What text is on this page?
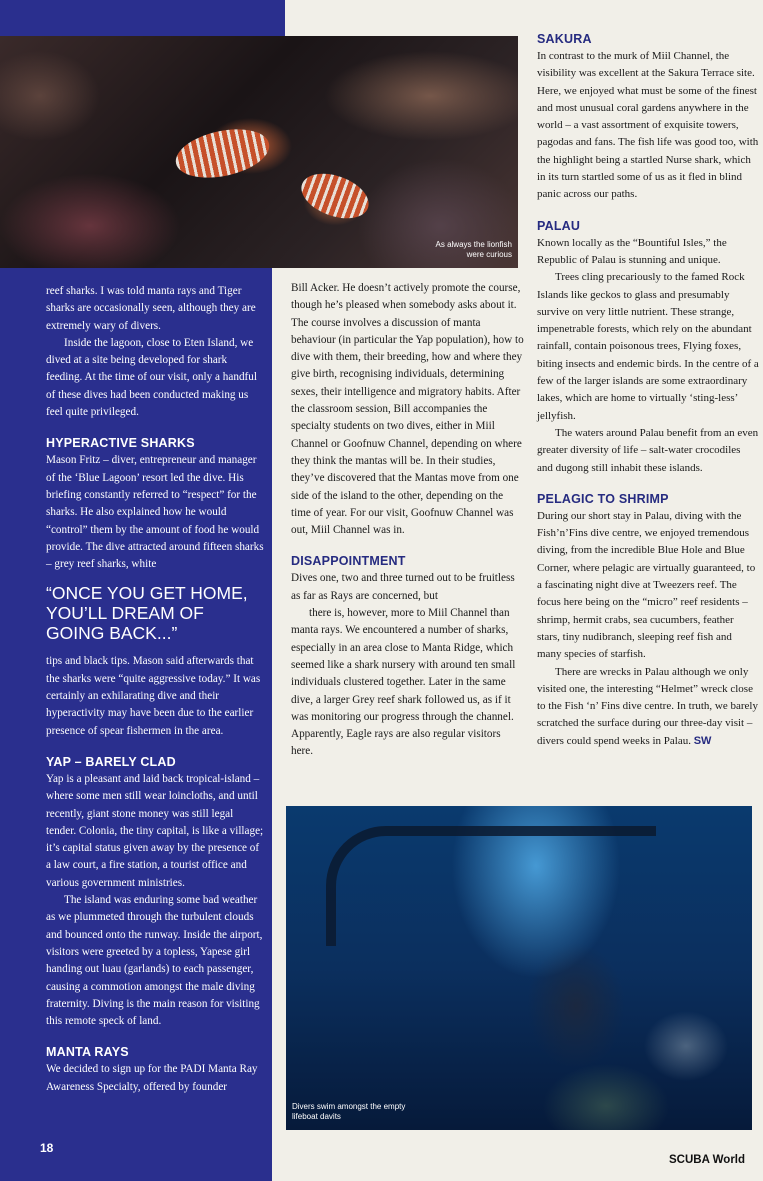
As always the lionfish were curious

reef sharks. I was told manta rays and Tiger sharks are occasionally seen, although they are extremely wary of divers.

Inside the lagoon, close to Eten Island, we dived at a site being developed for shark feeding. At the time of our visit, only a handful of these dives had been conducted making us feel quite privileged.

HYPERACTIVE SHARKS

Mason Fritz – diver, entrepreneur and manager of the ‘Blue Lagoon’ resort led the dive. His briefing constantly referred to “respect” for the sharks. He also explained how he would “control” them by the amount of food he would provide. The dive attracted around fifteen sharks – grey reef sharks, white

“ONCE YOU GET HOME, YOU’LL DREAM OF GOING BACK...”

tips and black tips. Mason said afterwards that the sharks were “quite aggressive today.” It was certainly an exhilarating dive and their hyperactivity may have been due to the earlier presence of spear fishermen in the area.

YAP – BARELY CLAD

Yap is a pleasant and laid back tropical-island – where some men still wear loincloths, and until recently, giant stone money was still legal tender. Colonia, the tiny capital, is like a village; it’s capital status given away by the presence of a law court, a fire station, a tourist office and various government ministries.

The island was enduring some bad weather as we plummeted through the turbulent clouds and bounced onto the runway. Inside the airport, visitors were greeted by a topless, Yapese girl handing out luau (garlands) to each passenger, causing a commotion amongst the male diving fraternity. Diving is the main reason for visiting this remote speck of land.

MANTA RAYS

We decided to sign up for the PADI Manta Ray Awareness Specialty, offered by founder

Bill Acker. He doesn’t actively promote the course, though he’s pleased when somebody asks about it. The course involves a discussion of manta behaviour (in particular the Yap population), how to dive with them, their breeding, how and where they give birth, recognising individuals, determining sexes, their intelligence and migratory habits. After the classroom session, Bill accompanies the specialty students on two dives, either in Miil Channel or Goofnuw Channel, depending on where they think the mantas will be. In their studies, they’ve discovered that the Mantas move from one side of the island to the other, depending on the time of year. For our visit, Goofnuw Channel was out, Miil Channel was in.

DISAPPOINTMENT

Dives one, two and three turned out to be fruitless as far as Rays are concerned, but

there is, however, more to Miil Channel than manta rays. We encountered a number of sharks, especially in an area close to Manta Ridge, which seemed like a shark nursery with around ten small individuals clustered together. Later in the same dive, a larger Grey reef shark followed us, as if it was monitoring our progress through the channel. Apparently, Eagle rays are also regular visitors here.

SAKURA

In contrast to the murk of Miil Channel, the visibility was excellent at the Sakura Terrace site. Here, we enjoyed what must be some of the finest and most unusual coral gardens anywhere in the world – a vast assortment of exquisite towers, pagodas and fans. The fish life was good too, with the highlight being a startled Nurse shark, which in its turn startled some of us as it fled in blind panic across our paths.

PALAU

Known locally as the “Bountiful Isles,” the Republic of Palau is stunning and unique.

Trees cling precariously to the famed Rock Islands like geckos to glass and presumably survive on very little nutrient. These strange, impenetrable forests, which rely on the abundant rainfall, contain poisonous trees, Flying foxes, biting insects and endemic birds. In the centre of a few of the larger islands are some extraordinary lakes, which are home to virtually ‘sting-less’ jellyfish.

The waters around Palau benefit from an even greater diversity of life – salt-water crocodiles and dugong still inhabit these islands.

PELAGIC TO SHRIMP

During our short stay in Palau, diving with the Fish’n’Fins dive centre, we enjoyed tremendous diving, from the incredible Blue Hole and Blue Corner, where pelagic are virtually guaranteed, to a fascinating night dive at Tweezers reef. The focus here being on the “micro” reef residents – shrimp, hermit crabs, sea cucumbers, feather stars, tiny nudibranch, sleeping reef fish and many species of starfish.

There are wrecks in Palau although we only visited one, the interesting “Helmet” wreck close to the Fish ‘n’ Fins dive centre. In truth, we barely scratched the surface during our three-day visit – divers could spend weeks in Palau. SW

Divers swim amongst the empty lifeboat davits
18
SCUBA World
